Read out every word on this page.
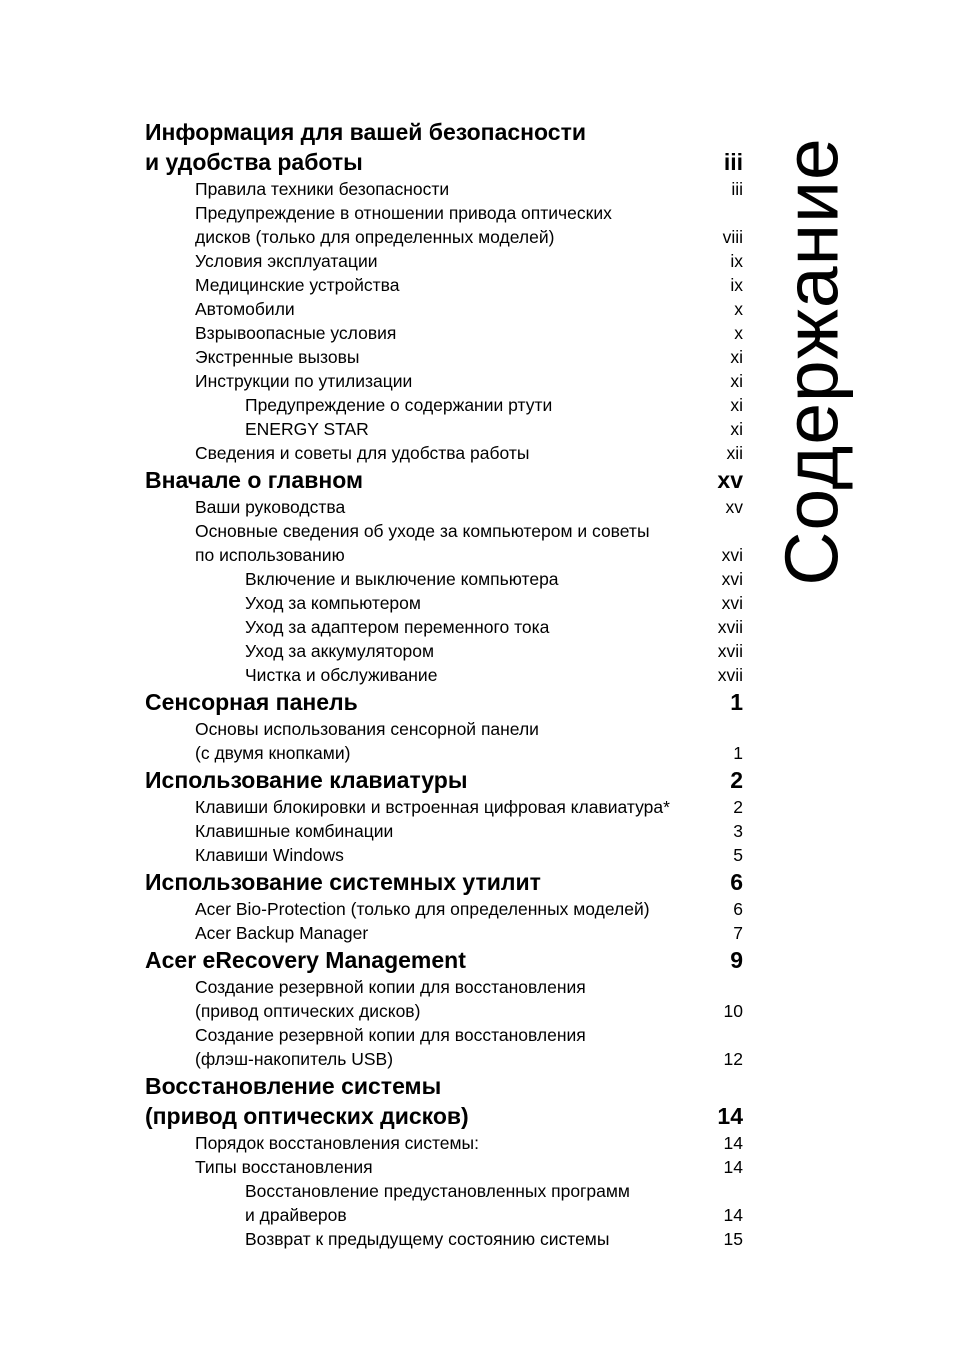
Информация для вашей безопасности
и удобства работы	iii
Правила техники безопасности	iii
Предупреждение в отношении привода оптических
дисков (только для определенных моделей)	viii
Условия эксплуатации	ix
Медицинские устройства	ix
Автомобили	x
Взрывоопасные условия	x
Экстренные вызовы	xi
Инструкции по утилизации	xi
Предупреждение о содержании ртути	xi
ENERGY STAR	xi
Сведения и советы для удобства работы	xii
Вначале о главном	xv
Ваши руководства	xv
Основные сведения об уходе за компьютером и советы
по использованию	xvi
Включение и выключение компьютера	xvi
Уход за компьютером	xvi
Уход за адаптером переменного тока	xvii
Уход за аккумулятором	xvii
Чистка и обслуживание	xvii
Сенсорная панель	1
Основы использования сенсорной панели
(с двумя кнопками)	1
Использование клавиатуры	2
Клавиши блокировки и встроенная цифровая клавиатура*	2
Клавишные комбинации	3
Клавиши Windows	5
Использование системных утилит	6
Acer Bio-Protection (только для определенных моделей)	6
Acer Backup Manager	7
Acer eRecovery Management	9
Создание резервной копии для восстановления
(привод оптических дисков)	10
Создание резервной копии для восстановления
(флэш-накопитель USB)	12
Восстановление системы
(привод оптических дисков)	14
Порядок восстановления системы:	14
Типы восстановления	14
Восстановление предустановленных программ
и драйверов	14
Возврат к предыдущему состоянию системы	15
Содержание
